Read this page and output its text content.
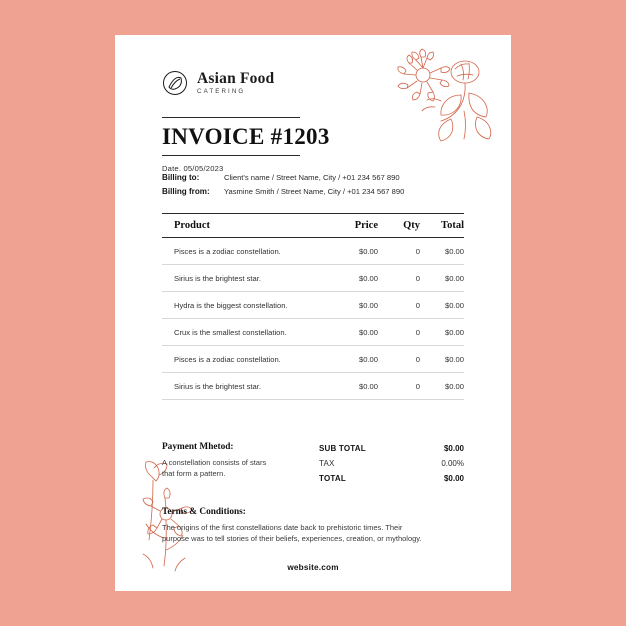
Asian Food
CATERING
INVOICE #1203
Date. 05/05/2023
Billing to:	Client's name / Street Name, City / +01 234 567 890
Billing from:	Yasmine Smith / Street Name, City / +01 234 567 890
Product	Price	Qty	Total
Pisces is a zodiac constellation.	$0.00	0	$0.00
Sirius is the brightest star.	$0.00	0	$0.00
Hydra is the biggest constellation.	$0.00	0	$0.00
Crux is the smallest constellation.	$0.00	0	$0.00
Pisces is a zodiac constellation.	$0.00	0	$0.00
Sirius is the brightest star.	$0.00	0	$0.00
Payment Mhetod:
A constellation consists of stars
that form a pattern.
SUB TOTAL	$0.00
TAX	0.00%
TOTAL	$0.00
Terms & Conditions:
The origins of the first constellations date back to prehistoric times. Their
purpose was to tell stories of their beliefs, experiences, creation, or mythology.
website.com
